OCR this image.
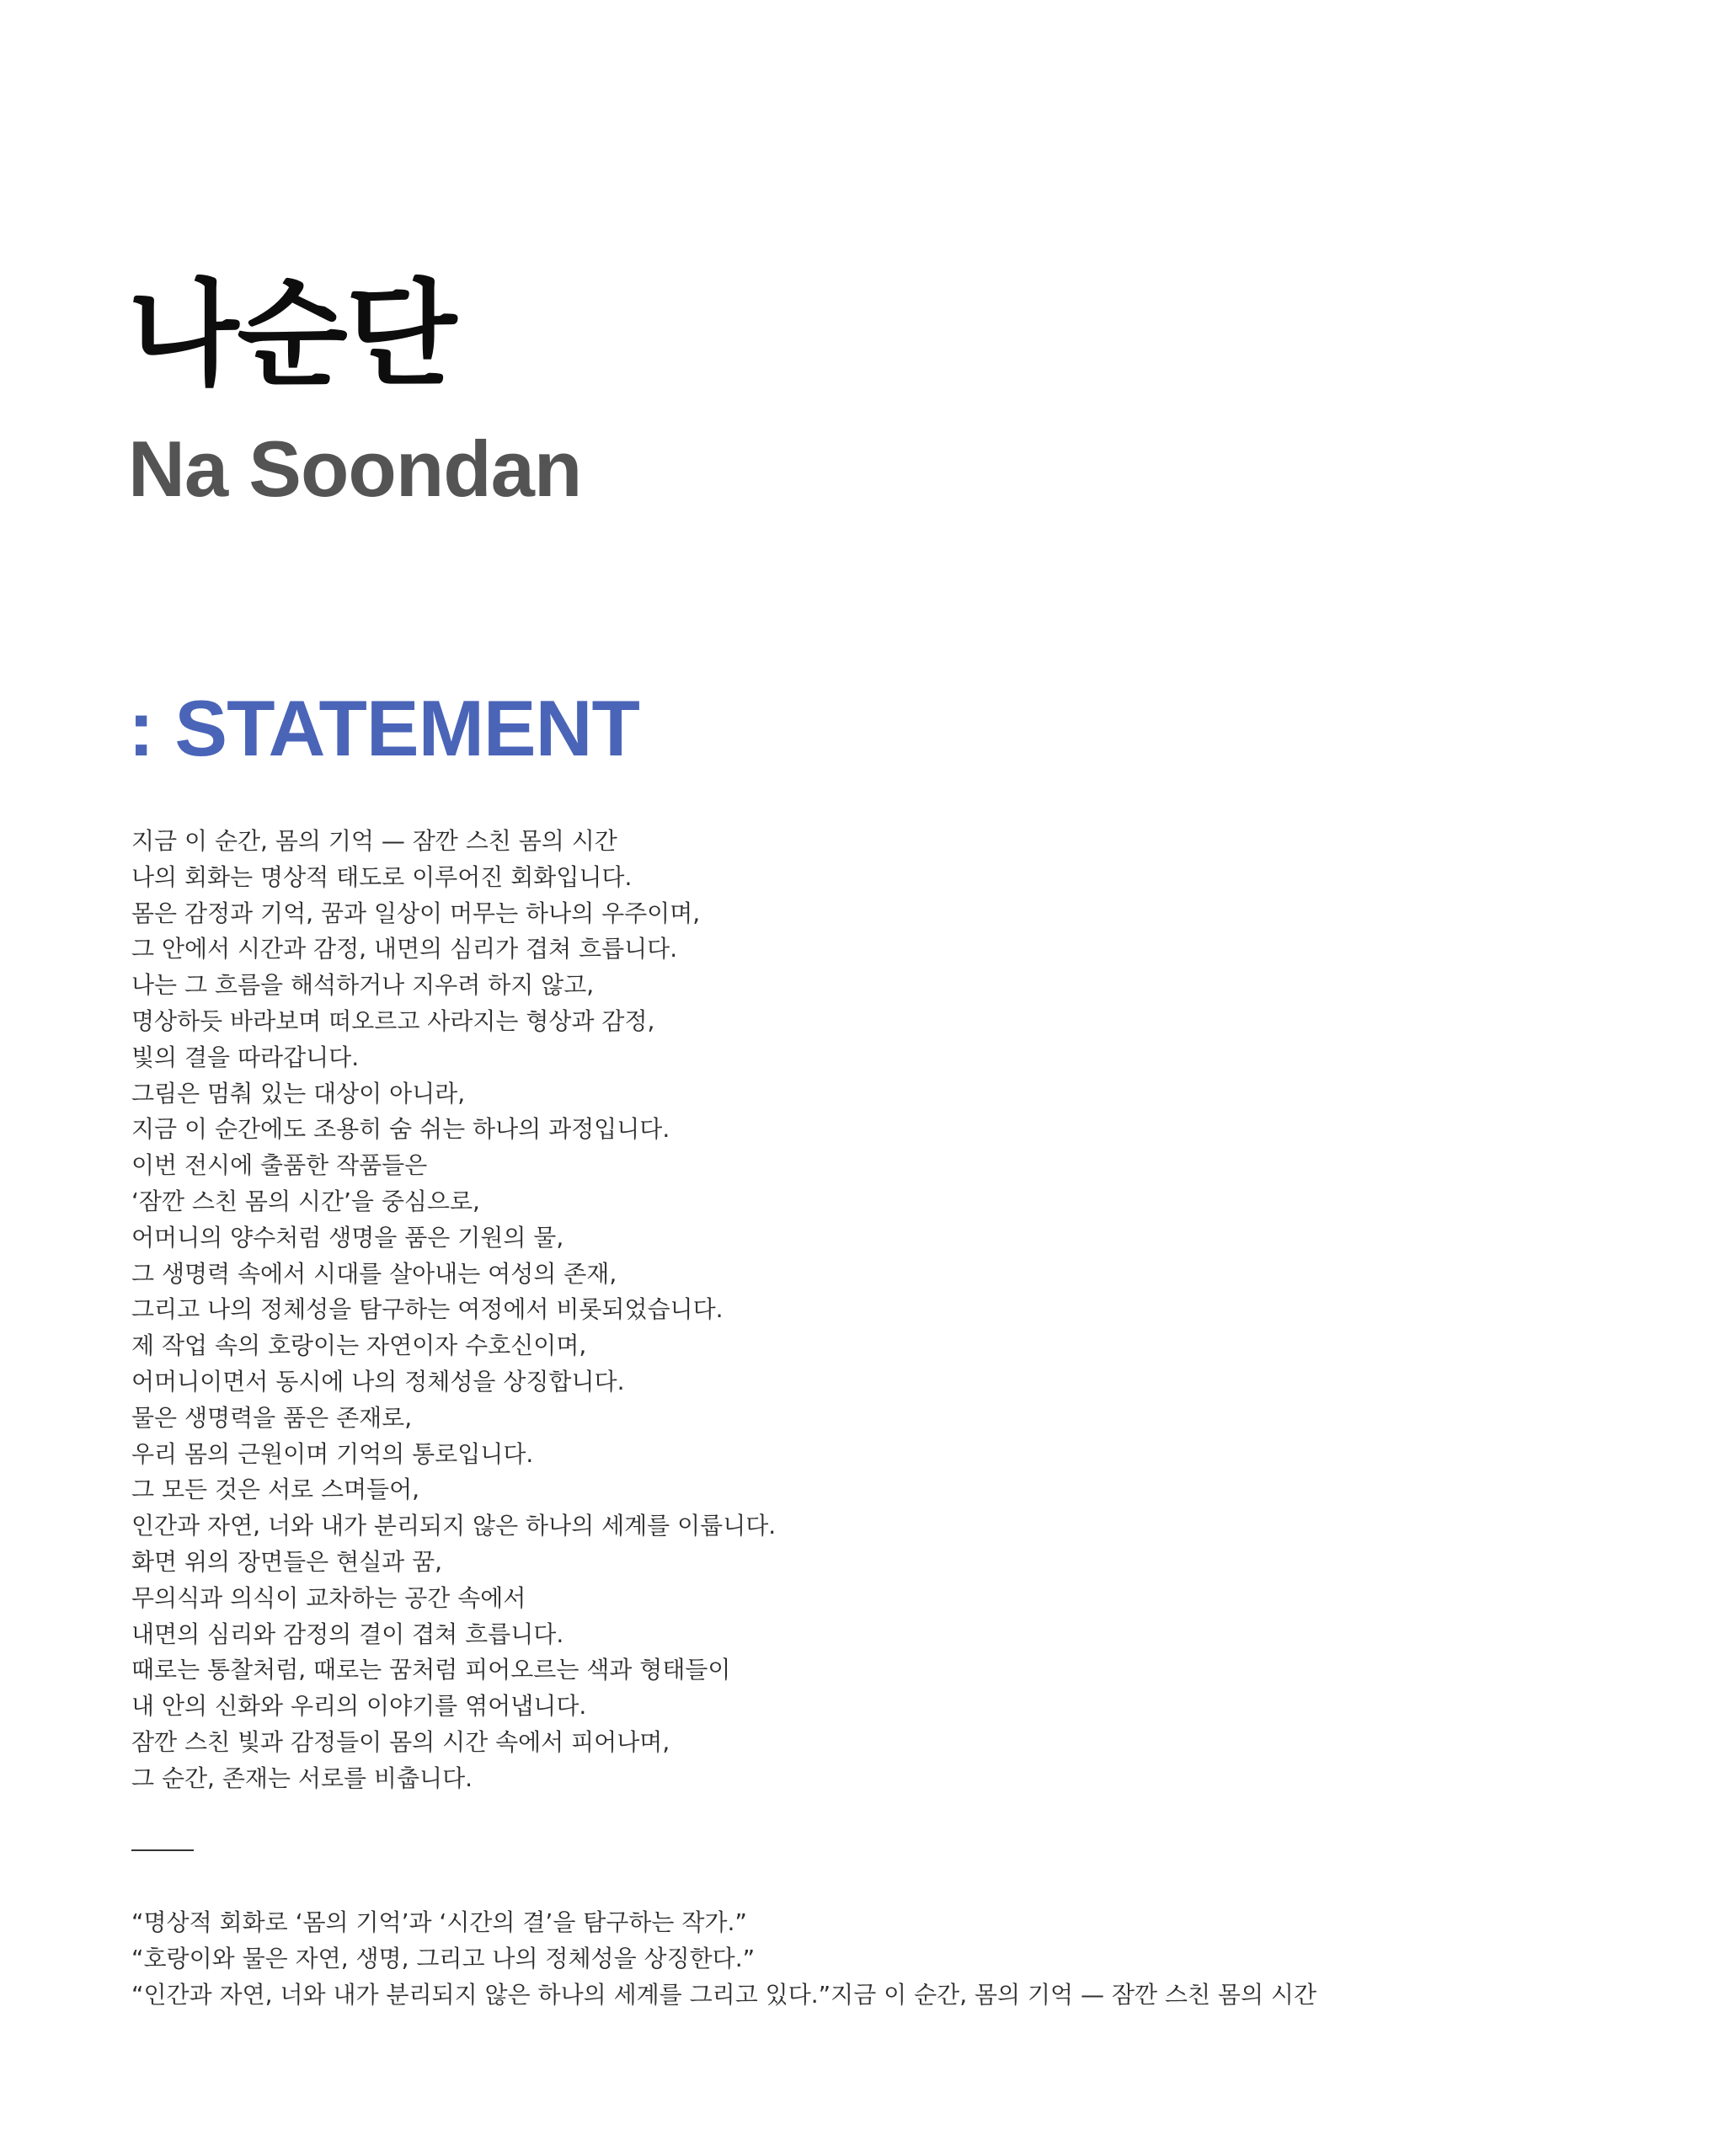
나순단
Na Soondan
: STATEMENT
지금 이 순간, 몸의 기억 — 잠깐 스친 몸의 시간
나의 회화는 명상적 태도로 이루어진 회화입니다.
몸은 감정과 기억, 꿈과 일상이 머무는 하나의 우주이며,
그 안에서 시간과 감정, 내면의 심리가 겹쳐 흐릅니다.
나는 그 흐름을 해석하거나 지우려 하지 않고,
명상하듯 바라보며 떠오르고 사라지는 형상과 감정,
빛의 결을 따라갑니다.
그림은 멈춰 있는 대상이 아니라,
지금 이 순간에도 조용히 숨 쉬는 하나의 과정입니다.
이번 전시에 출품한 작품들은
‘잠깐 스친 몸의 시간’을 중심으로,
어머니의 양수처럼 생명을 품은 기원의 물,
그 생명력 속에서 시대를 살아내는 여성의 존재,
그리고 나의 정체성을 탐구하는 여정에서 비롯되었습니다.
제 작업 속의 호랑이는 자연이자 수호신이며,
어머니이면서 동시에 나의 정체성을 상징합니다.
물은 생명력을 품은 존재로,
우리 몸의 근원이며 기억의 통로입니다.
그 모든 것은 서로 스며들어,
인간과 자연, 너와 내가 분리되지 않은 하나의 세계를 이룹니다.
화면 위의 장면들은 현실과 꿈,
무의식과 의식이 교차하는 공간 속에서
내면의 심리와 감정의 결이 겹쳐 흐릅니다.
때로는 통찰처럼, 때로는 꿈처럼 피어오르는 색과 형태들이
내 안의 신화와 우리의 이야기를 엮어냅니다.
잠깐 스친 빛과 감정들이 몸의 시간 속에서 피어나며,
그 순간, 존재는 서로를 비춥니다.
“명상적 회화로 ‘몸의 기억’과 ‘시간의 결’을 탐구하는 작가.”
“호랑이와 물은 자연, 생명, 그리고 나의 정체성을 상징한다.”
“인간과 자연, 너와 내가 분리되지 않은 하나의 세계를 그리고 있다.”지금 이 순간, 몸의 기억 — 잠깐 스친 몸의 시간
